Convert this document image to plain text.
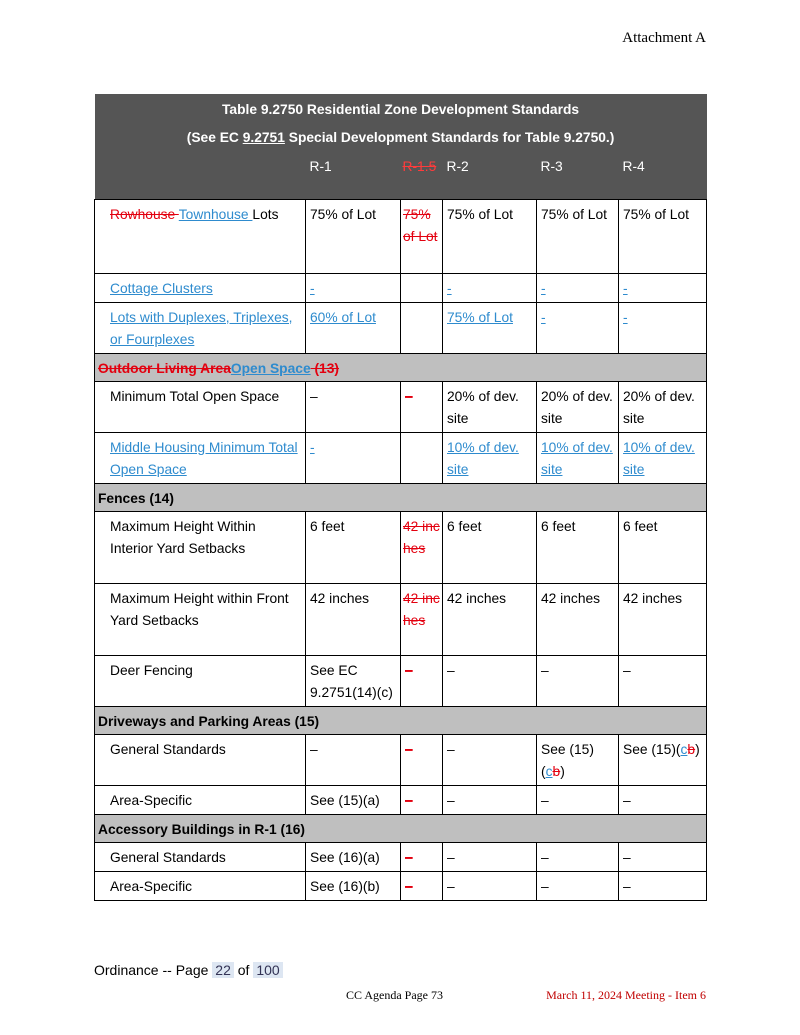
Attachment A
Table 9.2750 Residential Zone Development Standards
(See EC 9.2751 Special Development Standards for Table 9.2750.)					

	R-1	R-1.5	R-2	R-3	R-4
Rowhouse Townhouse Lots	75% of Lot	75% of Lot	75% of Lot	75% of Lot	75% of Lot
Cottage Clusters	-		-	-	-
Lots with Duplexes, Triplexes, or Fourplexes	60% of Lot		75% of Lot	-	-
Outdoor Living AreaOpen Space (13)					
Minimum Total Open Space	–	–	20% of dev. site	20% of dev. site	20% of dev. site
Middle Housing Minimum Total Open Space	-		10% of dev. site	10% of dev. site	10% of dev. site
Fences (14)					
Maximum Height Within Interior Yard Setbacks	6 feet	42 inches	6 feet	6 feet	6 feet
Maximum Height within Front Yard Setbacks	42 inches	42 inches	42 inches	42 inches	42 inches
Deer Fencing	See EC 9.2751(14)(c)	–	–	–	–
Driveways and Parking Areas (15)					
General Standards	–	–	–	See (15)(cb)	See (15)(cb)
Area-Specific	See (15)(a)	–	–	–	–
Accessory Buildings in R-1 (16)					
General Standards	See (16)(a)	–	–	–	–
Area-Specific	See (16)(b)	–	–	–	–
Ordinance -- Page 22 of 100
CC Agenda Page 73	March 11, 2024 Meeting - Item 6
